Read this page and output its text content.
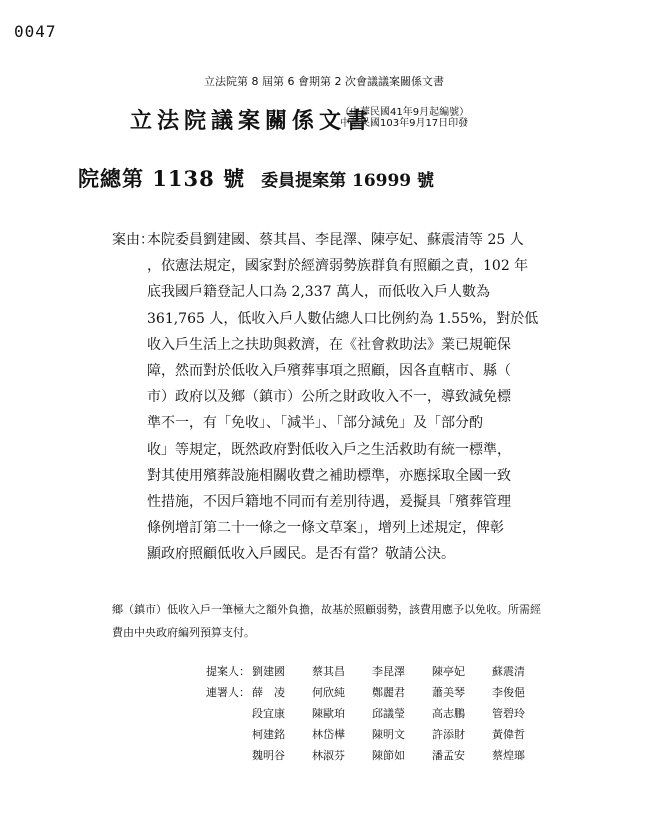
0047
立法院第 8 屆第 6 會期第 2 次會議議案關係文書
立法院議案關係文書
（中華民國41年9月起編號）
中華民國103年9月17日印發
院總第 1138 號 委員提案第 16999 號
案由：
本院委員劉建國、蔡其昌、李昆澤、陳亭妃、蘇震清等 25 人
，依憲法規定，國家對於經濟弱勢族群負有照顧之責，102 年
底我國戶籍登記人口為 2,337 萬人，而低收入戶人數為
361,765 人，低收入戶人數佔總人口比例約為 1.55%，對於低
收入戶生活上之扶助與救濟，在《社會救助法》業已規範保
障，然而對於低收入戶殯葬事項之照顧，因各直轄市、縣（
市）政府以及鄉（鎮市）公所之財政收入不一，導致減免標
準不一，有「免收」、「減半」、「部分減免」及「部分酌
收」等規定，既然政府對低收入戶之生活救助有統一標準，
對其使用殯葬設施相關收費之補助標準，亦應採取全國一致
性措施，不因戶籍地不同而有差別待遇，爰擬具「殯葬管理
條例增訂第二十一條之一條文草案」，增列上述規定，俾彰
顯政府照顧低收入戶國民。是否有當？敬請公決。
鄉（鎮市）低收入戶一筆極大之額外負擔，故基於照顧弱勢，該費用應予以免收。所需經
費由中央政府編列預算支付。
提案人：	劉建國	蔡其昌	李昆澤	陳亭妃	蘇震清
連署人：	薛　凌	何欣純	鄭麗君	蕭美琴	李俊俋
	段宜康	陳歐珀	邱議瑩	高志鵬	管碧玲
	柯建銘	林岱樺	陳明文	許添財	黃偉哲
	魏明谷	林淑芬	陳節如	潘孟安	蔡煌瑯
